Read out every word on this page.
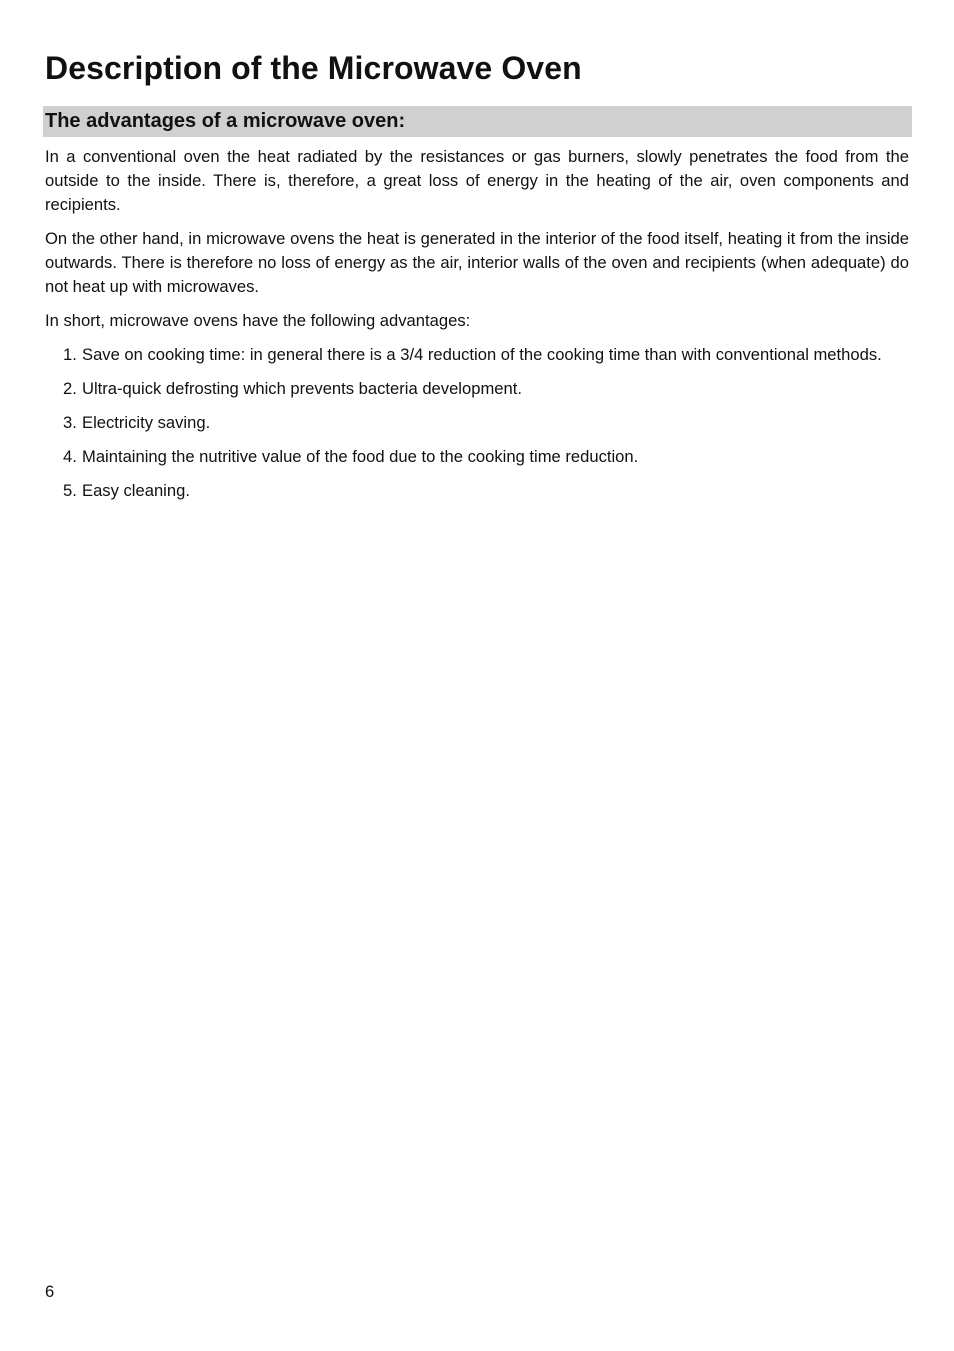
Description of the Microwave Oven
The advantages of a microwave oven:

In a conventional oven the heat radiated by the resistances or gas burners, slowly penetrates the food from the outside to the inside. There is, therefore, a great loss of energy in the heating of the air, oven components and recipients.

On the other hand, in microwave ovens the heat is generated in the interior of the food itself, heating it from the inside outwards. There is therefore no loss of energy as the air, interior walls of the oven and recipients (when adequate) do not heat up with microwaves.

In short, microwave ovens have the following advantages:

1. Save on cooking time: in general there is a 3/4 reduction of the cooking time than with conventional methods.
2. Ultra-quick defrosting which prevents bacteria development.
3. Electricity saving.
4. Maintaining the nutritive value of the food due to the cooking time reduction.
5. Easy cleaning.
6
